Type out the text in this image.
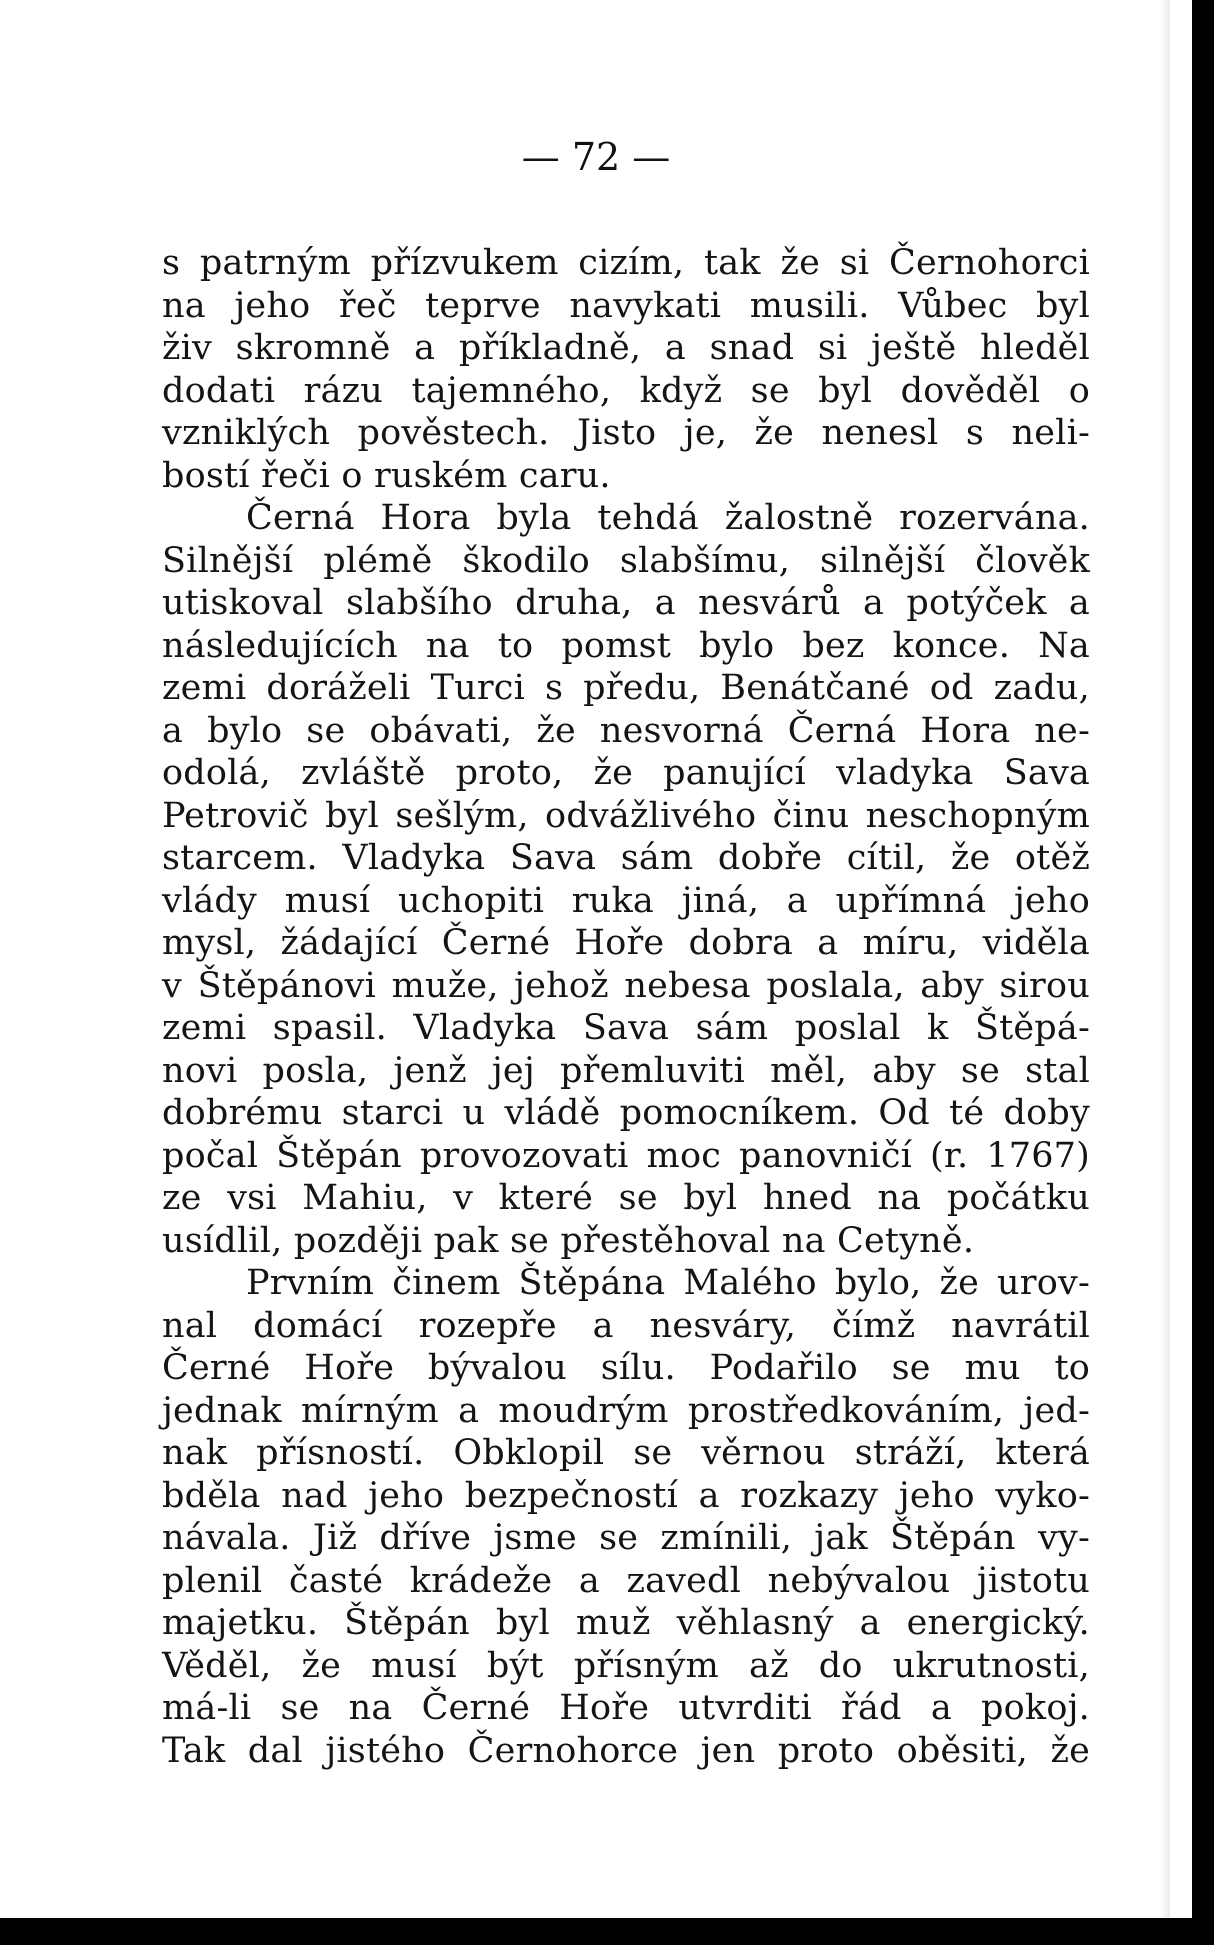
— 72 —

s patrným přízvukem cizím, tak že si Černohorci
na jeho řeč teprve navykati musili. Vůbec byl
živ skromně a příkladně, a snad si ještě hleděl
dodati rázu tajemného, když se byl dověděl o
vzniklých pověstech. Jisto je, že nenesl s neli-
bostí řeči o ruském caru.
Černá Hora byla tehdá žalostně rozervána.
Silnější plémě škodilo slabšímu, silnější člověk
utiskoval slabšího druha, a nesvárů a potýček a
následujících na to pomst bylo bez konce. Na
zemi doráželi Turci s předu, Benátčané od zadu,
a bylo se obávati, že nesvorná Černá Hora ne-
odolá, zvláště proto, že panující vladyka Sava
Petrovič byl sešlým, odvážlivého činu neschopným
starcem. Vladyka Sava sám dobře cítil, že otěž
vlády musí uchopiti ruka jiná, a upřímná jeho
mysl, žádající Černé Hoře dobra a míru, viděla
v Štěpánovi muže, jehož nebesa poslala, aby sirou
zemi spasil. Vladyka Sava sám poslal k Štěpá-
novi posla, jenž jej přemluviti měl, aby se stal
dobrému starci u vládě pomocníkem. Od té doby
počal Štěpán provozovati moc panovničí (r. 1767)
ze vsi Mahiu, v které se byl hned na počátku
usídlil, později pak se přestěhoval na Cetyně.
Prvním činem Štěpána Malého bylo, že urov-
nal domácí rozepře a nesváry, čímž navrátil
Černé Hoře bývalou sílu. Podařilo se mu to
jednak mírným a moudrým prostředkováním, jed-
nak přísností. Obklopil se věrnou stráží, která
bděla nad jeho bezpečností a rozkazy jeho vyko-
návala. Již dříve jsme se zmínili, jak Štěpán vy-
plenil časté krádeže a zavedl nebývalou jistotu
majetku. Štěpán byl muž věhlasný a energický.
Věděl, že musí být přísným až do ukrutnosti,
má-li se na Černé Hoře utvrditi řád a pokoj.
Tak dal jistého Černohorce jen proto oběsiti, že
